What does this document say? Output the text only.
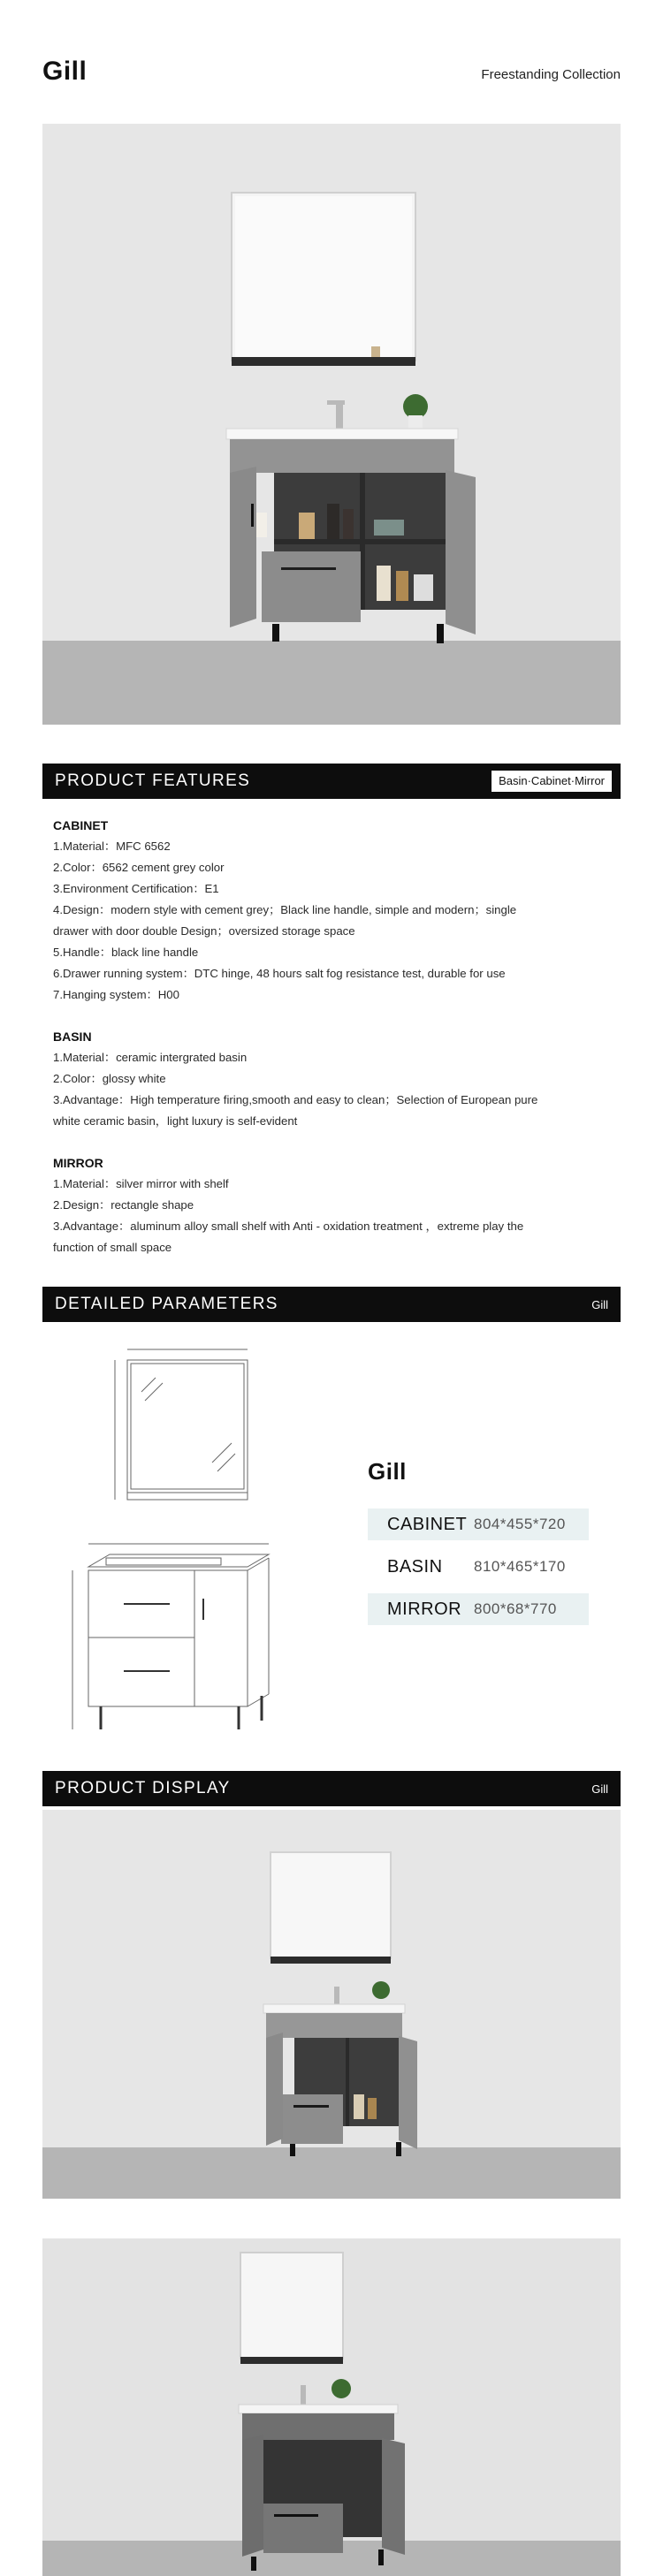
Gill	Freestanding Collection
PRODUCT FEATURES	Basin·Cabinet·Mirror
CABINET
1.Material：MFC 6562
2.Color：6562 cement grey color
3.Environment Certification：E1
4.Design：modern style with cement grey；Black line handle, simple and modern；single
drawer with door double Design；oversized storage space
5.Handle：black line handle
6.Drawer running system：DTC hinge, 48 hours salt fog resistance test, durable for use
7.Hanging system：H00
BASIN
1.Material：ceramic intergrated basin
2.Color：glossy white
3.Advantage：High temperature firing,smooth and easy to clean；Selection of European pure
white ceramic basin，light luxury is self-evident
MIRROR
1.Material：silver mirror with shelf
2.Design：rectangle shape
3.Advantage：aluminum alloy small shelf with Anti - oxidation treatment ，extreme play the
function of small space
DETAILED PARAMETERS	Gill
Gill
CABINET 804*455*720
BASIN	810*465*170
MIRROR 800*68*770
PRODUCT DISPLAY	Gill
